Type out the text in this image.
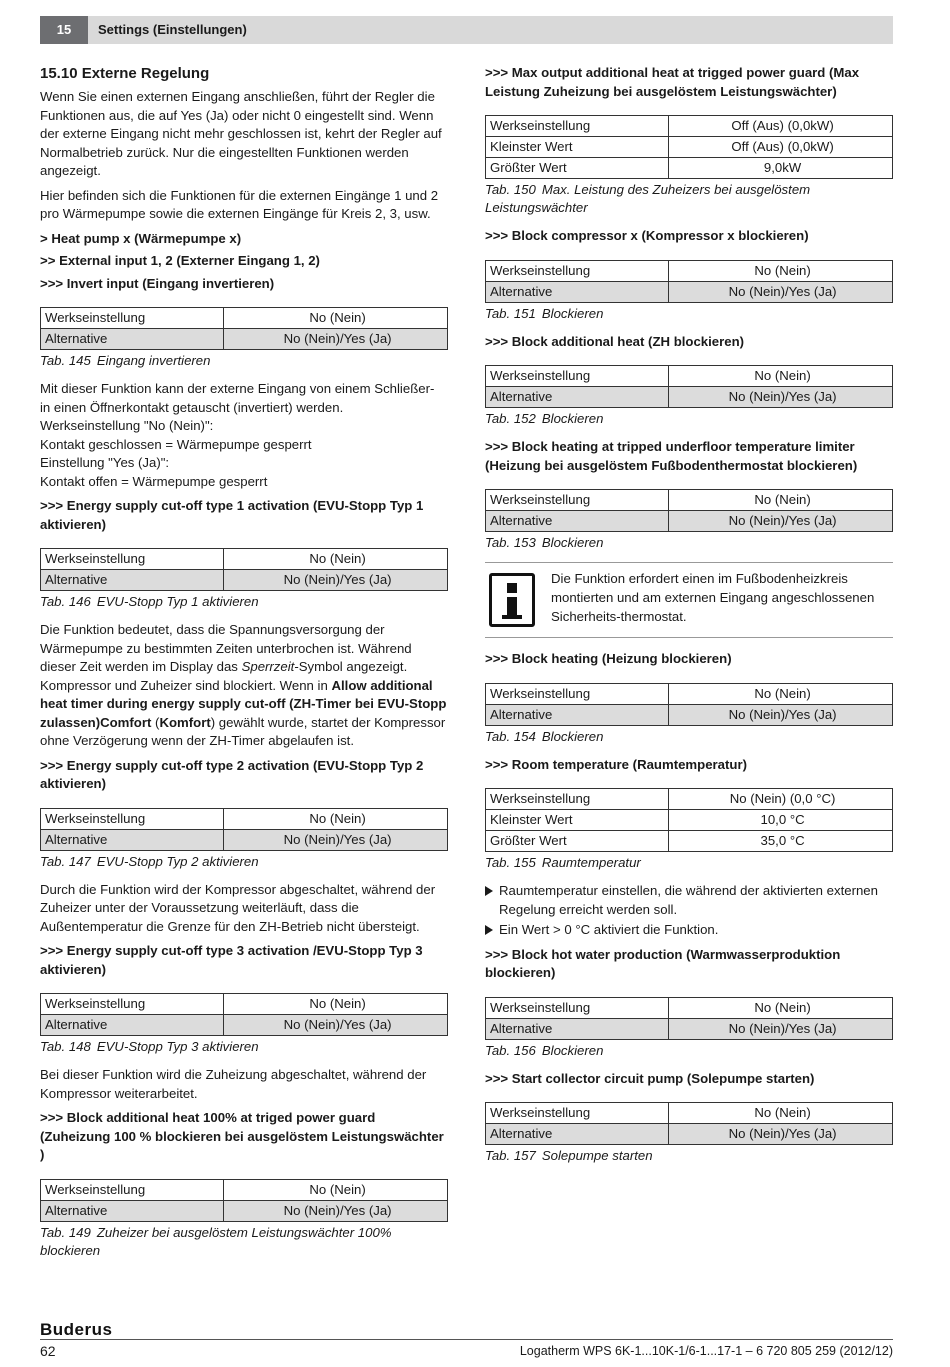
15	Settings (Einstellungen)
15.10 Externe Regelung

Wenn Sie einen externen Eingang anschließen, führt der Regler die Funktionen aus, die auf Yes (Ja) oder nicht 0 eingestellt sind. Wenn der externe Eingang nicht mehr geschlossen ist, kehrt der Regler auf Normalbetrieb zurück. Nur die eingestellten Funktionen werden angezeigt.

Hier befinden sich die Funktionen für die externen Eingänge 1 und 2 pro Wärmepumpe sowie die externen Eingänge für Kreis 2, 3, usw.

> Heat pump x (Wärmepumpe x)
>> External input 1, 2 (Externer Eingang 1, 2)
>>> Invert input (Eingang invertieren)
Werkseinstellung	No (Nein)
Alternative	No (Nein)/Yes (Ja)
Tab. 145 Eingang invertieren

Mit dieser Funktion kann der externe Eingang von einem Schließer- in einen Öffnerkontakt getauscht (invertiert) werden.

Werkseinstellung "No (Nein)":

Kontakt geschlossen = Wärmepumpe gesperrt

Einstellung "Yes (Ja)":

Kontakt offen = Wärmepumpe gesperrt

>>> Energy supply cut-off type 1 activation (EVU-Stopp Typ 1 aktivieren)
Werkseinstellung	No (Nein)
Alternative	No (Nein)/Yes (Ja)
Tab. 146 EVU-Stopp Typ 1 aktivieren

Die Funktion bedeutet, dass die Spannungsversorgung der Wärmepumpe zu bestimmten Zeiten unterbrochen ist. Während dieser Zeit werden im Display das Sperrzeit-Symbol angezeigt. Kompressor und Zuheizer sind blockiert. Wenn in Allow additional heat timer during energy supply cut-off (ZH-Timer bei EVU-Stopp zulassen)Comfort (Komfort) gewählt wurde, startet der Kompressor ohne Verzögerung wenn der ZH-Timer abgelaufen ist.

>>> Energy supply cut-off type 2 activation (EVU-Stopp Typ 2 aktivieren)
Werkseinstellung	No (Nein)
Alternative	No (Nein)/Yes (Ja)
Tab. 147 EVU-Stopp Typ 2 aktivieren

Durch die Funktion wird der Kompressor abgeschaltet, während der Zuheizer unter der Voraussetzung weiterläuft, dass die Außentemperatur die Grenze für den ZH-Betrieb nicht übersteigt.

>>> Energy supply cut-off type 3 activation /EVU-Stopp Typ 3 aktivieren)
Werkseinstellung	No (Nein)
Alternative	No (Nein)/Yes (Ja)
Tab. 148 EVU-Stopp Typ 3 aktivieren

Bei dieser Funktion wird die Zuheizung abgeschaltet, während der Kompressor weiterarbeitet.

>>> Block additional heat 100% at triged power guard (Zuheizung 100 % blockieren bei ausgelöstem Leistungswächter )
Werkseinstellung	No (Nein)
Alternative	No (Nein)/Yes (Ja)
Tab. 149 Zuheizer bei ausgelöstem Leistungswächter 100% blockieren
>>> Max output additional heat at trigged power guard (Max Leistung Zuheizung bei ausgelöstem Leistungswächter)
Werkseinstellung	Off (Aus) (0,0kW)
Kleinster Wert	Off (Aus) (0,0kW)
Größter Wert	9,0kW
Tab. 150 Max. Leistung des Zuheizers bei ausgelöstem Leistungswächter
>>> Block compressor x (Kompressor x blockieren)
Werkseinstellung	No (Nein)
Alternative	No (Nein)/Yes (Ja)
Tab. 151 Blockieren
>>> Block additional heat (ZH blockieren)
Werkseinstellung	No (Nein)
Alternative	No (Nein)/Yes (Ja)
Tab. 152 Blockieren
>>> Block heating at tripped underfloor temperature limiter (Heizung bei ausgelöstem Fußbodenthermostat blockieren)
Werkseinstellung	No (Nein)
Alternative	No (Nein)/Yes (Ja)
Tab. 153 Blockieren
Die Funktion erfordert einen im Fußbodenheizkreis montierten und am externen Eingang angeschlossenen Sicherheits-thermostat.
>>> Block heating (Heizung blockieren)
Werkseinstellung	No (Nein)
Alternative	No (Nein)/Yes (Ja)
Tab. 154 Blockieren
>>> Room temperature (Raumtemperatur)
Werkseinstellung	No (Nein) (0,0 °C)
Kleinster Wert	10,0 °C
Größter Wert	35,0 °C
Tab. 155 Raumtemperatur
Raumtemperatur einstellen, die während der aktivierten externen Regelung erreicht werden soll.
Ein Wert > 0 °C aktiviert die Funktion.
>>> Block hot water production (Warmwasserproduktion blockieren)
Werkseinstellung	No (Nein)
Alternative	No (Nein)/Yes (Ja)
Tab. 156 Blockieren
>>> Start collector circuit pump (Solepumpe starten)
Werkseinstellung	No (Nein)
Alternative	No (Nein)/Yes (Ja)
Tab. 157 Solepumpe starten
Buderus
62	Logatherm WPS 6K-1...10K-1/6-1...17-1 – 6 720 805 259 (2012/12)
